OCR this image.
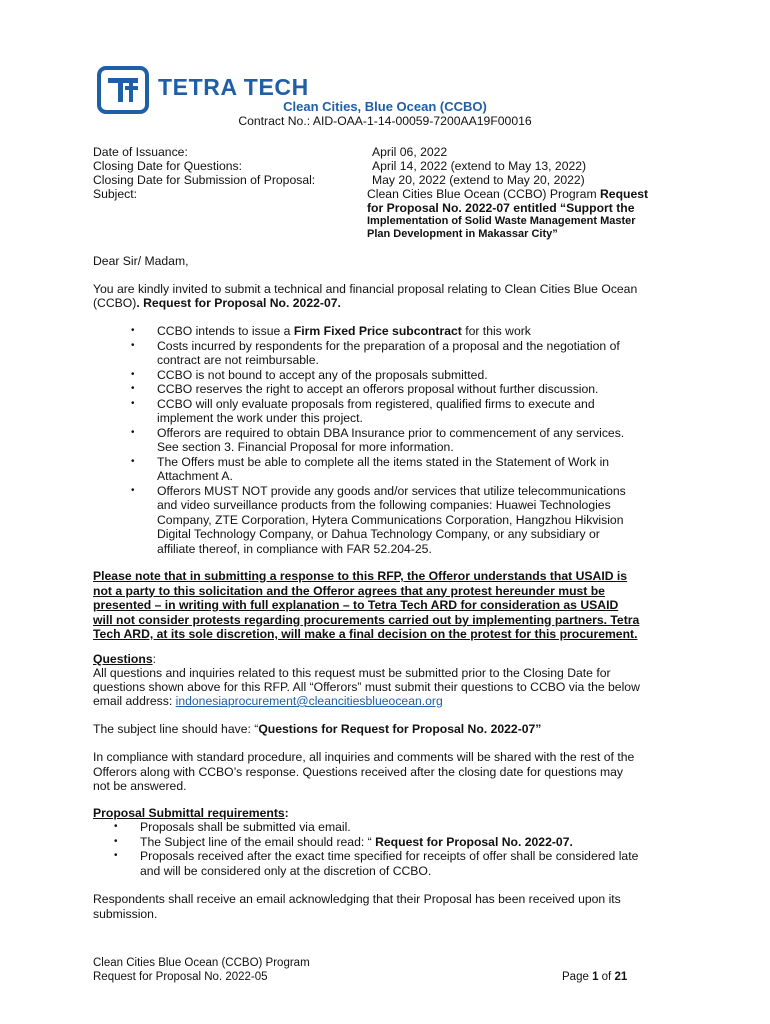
TETRA TECH
Clean Cities, Blue Ocean (CCBO)
Contract No.: AID-OAA-1-14-00059-7200AA19F00016
Date of Issuance:	April 06, 2022
Closing Date for Questions:	April 14, 2022 (extend to May 13, 2022)
Closing Date for Submission of Proposal:	May 20, 2022 (extend to May 20, 2022)
Subject:	Clean Cities Blue Ocean (CCBO) Program Request
for Proposal No. 2022-07 entitled “Support the
Implementation of Solid Waste Management Master
Plan Development in Makassar City”
Dear Sir/ Madam,
You are kindly invited to submit a technical and financial proposal relating to Clean Cities Blue Ocean
(CCBO). Request for Proposal No. 2022-07.
• CCBO intends to issue a Firm Fixed Price subcontract for this work
• Costs incurred by respondents for the preparation of a proposal and the negotiation of
contract are not reimbursable.
• CCBO is not bound to accept any of the proposals submitted.
• CCBO reserves the right to accept an offerors proposal without further discussion.
• CCBO will only evaluate proposals from registered, qualified firms to execute and
implement the work under this project.
• Offerors are required to obtain DBA Insurance prior to commencement of any services.
See section 3. Financial Proposal for more information.
• The Offers must be able to complete all the items stated in the Statement of Work in
Attachment A.
• Offerors MUST NOT provide any goods and/or services that utilize telecommunications
and video surveillance products from the following companies: Huawei Technologies
Company, ZTE Corporation, Hytera Communications Corporation, Hangzhou Hikvision
Digital Technology Company, or Dahua Technology Company, or any subsidiary or
affiliate thereof, in compliance with FAR 52.204-25.
Please note that in submitting a response to this RFP, the Offeror understands that USAID is
not a party to this solicitation and the Offeror agrees that any protest hereunder must be
presented – in writing with full explanation – to Tetra Tech ARD for consideration as USAID
will not consider protests regarding procurements carried out by implementing partners. Tetra
Tech ARD, at its sole discretion, will make a final decision on the protest for this procurement.
Questions:
All questions and inquiries related to this request must be submitted prior to the Closing Date for
questions shown above for this RFP. All “Offerors” must submit their questions to CCBO via the below
email address: indonesiaprocurement@cleancitiesblueocean.org
The subject line should have: “Questions for Request for Proposal No. 2022-07”
In compliance with standard procedure, all inquiries and comments will be shared with the rest of the
Offerors along with CCBO’s response. Questions received after the closing date for questions may
not be answered.
Proposal Submittal requirements:
• Proposals shall be submitted via email.
• The Subject line of the email should read: “ Request for Proposal No. 2022-07.
• Proposals received after the exact time specified for receipts of offer shall be considered late
and will be considered only at the discretion of CCBO.
Respondents shall receive an email acknowledging that their Proposal has been received upon its
submission.
Clean Cities Blue Ocean (CCBO) Program
Request for Proposal No. 2022-05	Page 1 of 21
